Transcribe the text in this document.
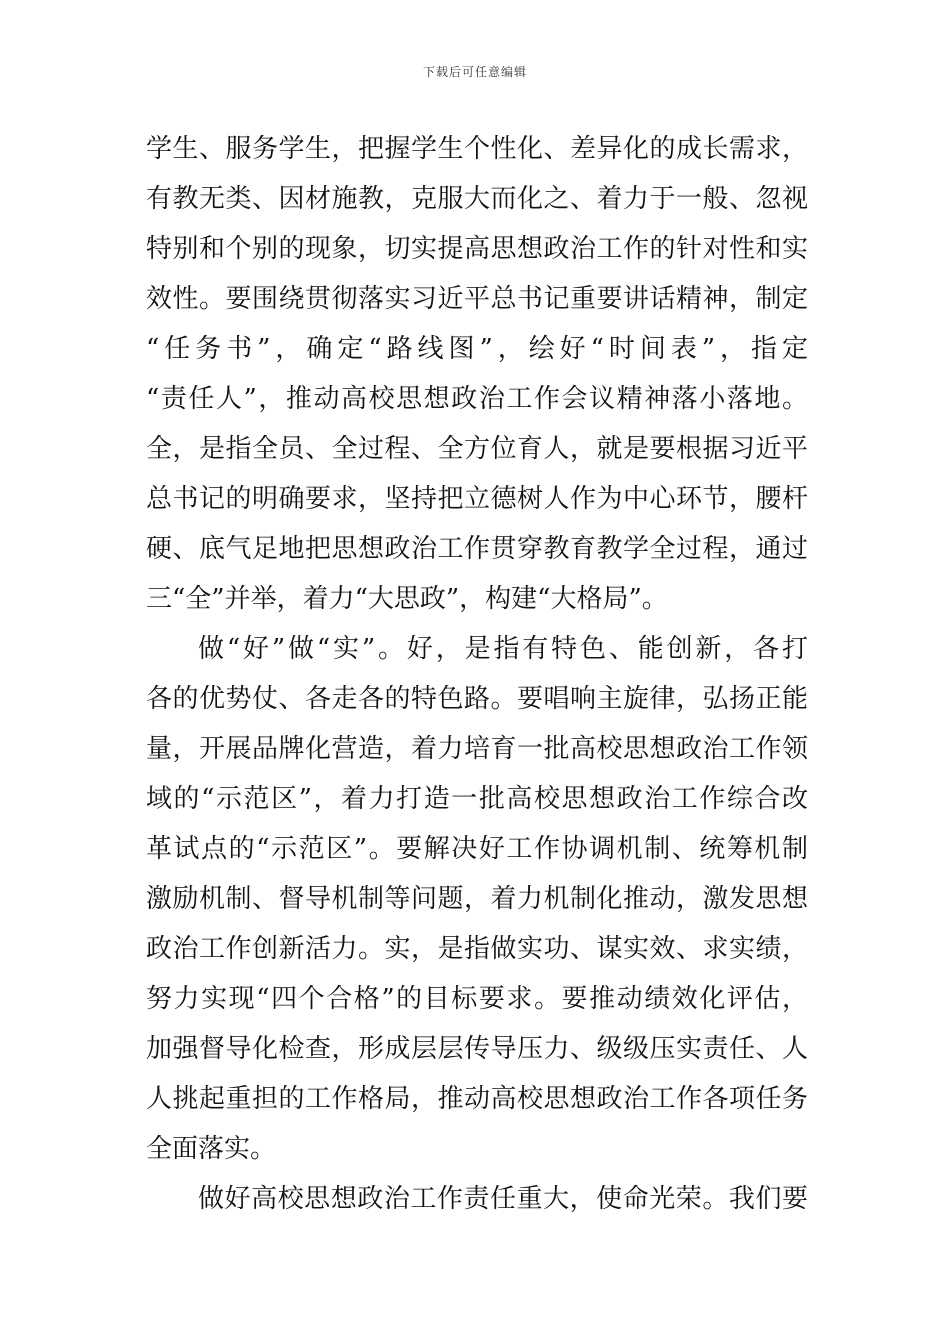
下载后可任意编辑
学生、服务学生，把握学生个性化、差异化的成长需求，
有教无类、因材施教，克服大而化之、着力于一般、忽视
特别和个别的现象，切实提高思想政治工作的针对性和实
效性。要围绕贯彻落实习近平总书记重要讲话精神，制定
“任务书”，确定“路线图”，绘好“时间表”，指定
“责任人”，推动高校思想政治工作会议精神落小落地。
全，是指全员、全过程、全方位育人，就是要根据习近平
总书记的明确要求，坚持把立德树人作为中心环节，腰杆
硬、底气足地把思想政治工作贯穿教育教学全过程，通过
三“全”并举，着力“大思政”，构建“大格局”。
做“好”做“实”。好，是指有特色、能创新，各打
各的优势仗、各走各的特色路。要唱响主旋律，弘扬正能
量，开展品牌化营造，着力培育一批高校思想政治工作领
域的“示范区”，着力打造一批高校思想政治工作综合改
革试点的“示范区”。要解决好工作协调机制、统筹机制
激励机制、督导机制等问题，着力机制化推动，激发思想
政治工作创新活力。实，是指做实功、谋实效、求实绩，
努力实现“四个合格”的目标要求。要推动绩效化评估，
加强督导化检查，形成层层传导压力、级级压实责任、人
人挑起重担的工作格局，推动高校思想政治工作各项任务
全面落实。
做好高校思想政治工作责任重大，使命光荣。我们要
